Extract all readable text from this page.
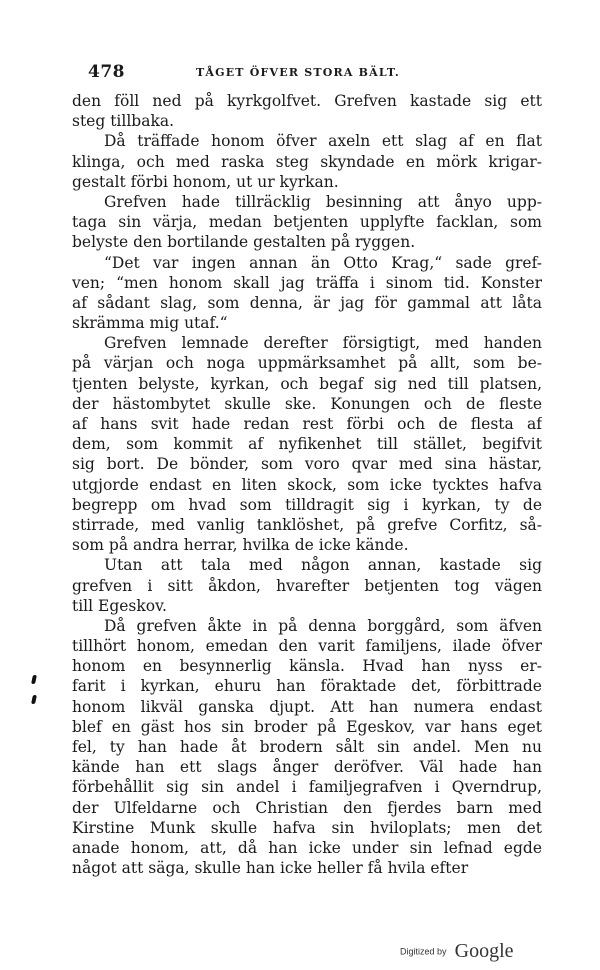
478	TÅGET ÖFVER STORA BÄLT.
den föll ned på kyrkgolfvet. Grefven kastade sig ett
steg tillbaka.
Då träffade honom öfver axeln ett slag af en flat
klinga, och med raska steg skyndade en mörk krigar-
gestalt förbi honom, ut ur kyrkan.
Grefven hade tillräcklig besinning att ånyo upp-
taga sin värja, medan betjenten upplyfte facklan, som
belyste den bortilande gestalten på ryggen.
“Det var ingen annan än Otto Krag,“ sade gref-
ven; “men honom skall jag träffa i sinom tid. Konster
af sådant slag, som denna, är jag för gammal att låta
skrämma mig utaf.“
Grefven lemnade derefter försigtigt, med handen
på värjan och noga uppmärksamhet på allt, som be-
tjenten belyste, kyrkan, och begaf sig ned till platsen,
der hästombytet skulle ske. Konungen och de fleste
af hans svit hade redan rest förbi och de flesta af
dem, som kommit af nyfikenhet till stället, begifvit
sig bort. De bönder, som voro qvar med sina hästar,
utgjorde endast en liten skock, som icke tycktes hafva
begrepp om hvad som tilldragit sig i kyrkan, ty de
stirrade, med vanlig tanklöshet, på grefve Corfitz, så-
som på andra herrar, hvilka de icke kände.
Utan att tala med någon annan, kastade sig
grefven i sitt åkdon, hvarefter betjenten tog vägen
till Egeskov.
Då grefven åkte in på denna borggård, som äfven
tillhört honom, emedan den varit familjens, ilade öfver
honom en besynnerlig känsla. Hvad han nyss er-
farit i kyrkan, ehuru han föraktade det, förbittrade
honom likväl ganska djupt. Att han numera endast
blef en gäst hos sin broder på Egeskov, var hans eget
fel, ty han hade åt brodern sålt sin andel. Men nu
kände han ett slags ånger deröfver. Väl hade han
förbehållit sig sin andel i familjegrafven i Qverndrup,
der Ulfeldarne och Christian den fjerdes barn med
Kirstine Munk skulle hafva sin hviloplats; men det
anade honom, att, då han icke under sin lefnad egde
något att säga, skulle han icke heller få hvila efter
Digitized by Google
